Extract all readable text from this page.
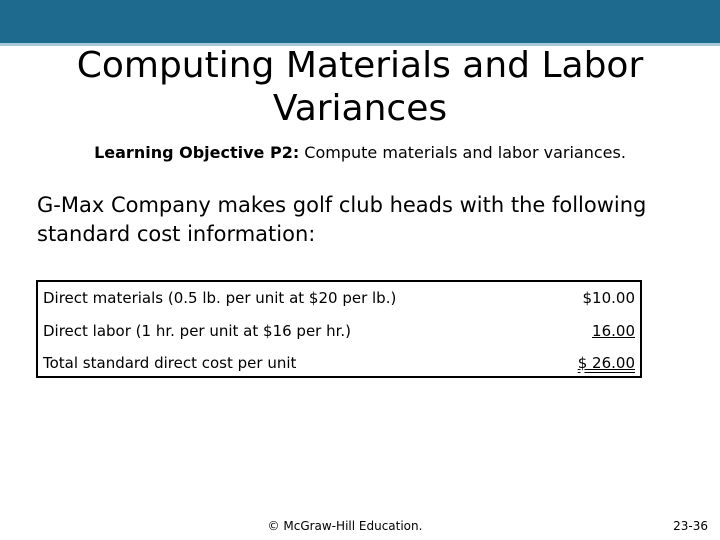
Computing Materials and Labor
Variances
Learning Objective P2: Compute materials and labor variances.
G-Max Company makes golf club heads with the following standard cost information:
Direct materials (0.5 lb. per unit at $20 per lb.)	$10.00
Direct labor (1 hr. per unit at $16 per hr.)	16.00
Total standard direct cost per unit	$ 26.00
© McGraw-Hill Education.	23-36
